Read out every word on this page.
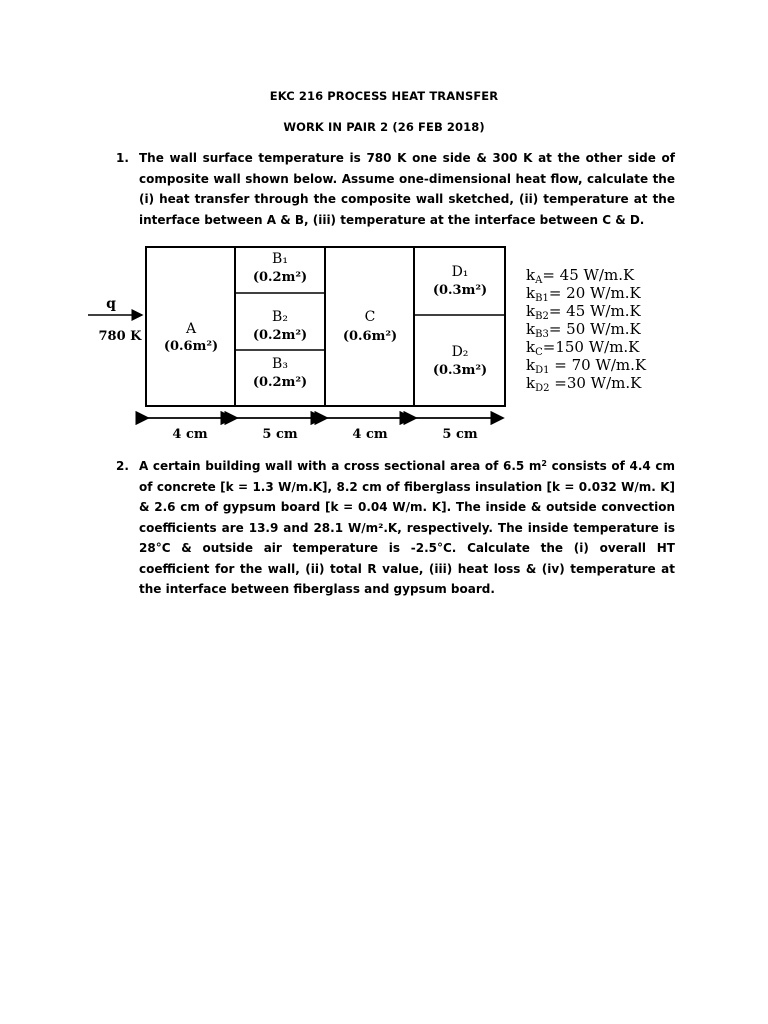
EKC 216 PROCESS HEAT TRANSFER
WORK IN PAIR 2 (26 FEB 2018)
1. The wall surface temperature is 780 K one side & 300 K at the other side of composite wall shown below. Assume one-dimensional heat flow, calculate the (i) heat transfer through the composite wall sketched, (ii) temperature at the interface between A & B, (iii) temperature at the interface between C & D.
q
780 K	A
(0.6m²)
B₁
(0.2m²)
B₂
(0.2m²)
B₃
(0.2m²)
C
(0.6m²)
D₁
(0.3m²)
D₂
(0.3m²)
4 cm	5 cm	4 cm	5 cm
$k_A= 45$ W/m.K
$k_{B1}= 20$ W/m.K
$k_{B2}= 45$ W/m.K
$k_{B3}= 50$ W/m.K
$k_C=150$ W/m.K
$k_{D1} = 70$ W/m.K
$k_{D2} =30$ W/m.K
2. A certain building wall with a cross sectional area of 6.5 $m^2$ consists of 4.4 cm of concrete [k = 1.3 W/m.K], 8.2 cm of fiberglass insulation [k = 0.032 W/m. K] & 2.6 cm of gypsum board [k = 0.04 W/m. K]. The inside & outside convection coefficients are 13.9 and 28.1 W/m².K, respectively. The inside temperature is 28°C & outside air temperature is -2.5°C. Calculate the (i) overall HT coefficient for the wall, (ii) total R value, (iii) heat loss & (iv) temperature at the interface between fiberglass and gypsum board.
